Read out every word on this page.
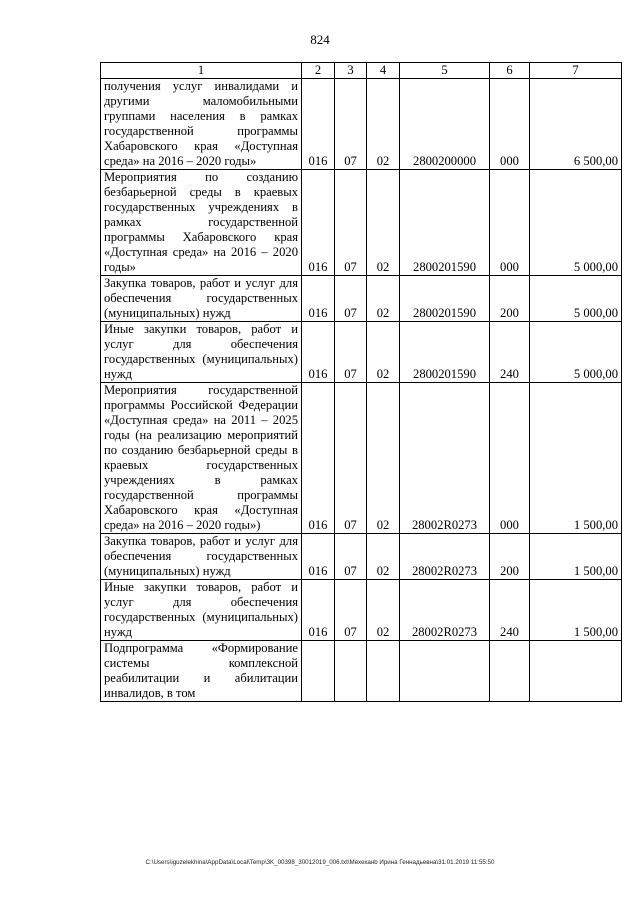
824
1	2	3	4	5	6	7
получения услуг инвалидами и другими маломобильными группами населения в рамках государственной программы Хабаровского края «Доступная среда» на 2016 – 2020 годы»	016	07	02	2800200000	000	6 500,00
Мероприятия по созданию безбарьерной среды в краевых государственных учреждениях в рамках государственной программы Хабаровского края «Доступная среда» на 2016 – 2020 годы»	016	07	02	2800201590	000	5 000,00
Закупка товаров, работ и услуг для обеспечения государственных (муниципальных) нужд	016	07	02	2800201590	200	5 000,00
Иные закупки товаров, работ и услуг для обеспечения государственных (муниципальных) нужд	016	07	02	2800201590	240	5 000,00
Мероприятия государственной программы Российской Федерации «Доступная среда» на 2011 – 2025 годы (на реализацию мероприятий по созданию безбарьерной среды в краевых государственных учреждениях в рамках государственной программы Хабаровского края «Доступная среда» на 2016 – 2020 годы»)	016	07	02	28002R0273	000	1 500,00
Закупка товаров, работ и услуг для обеспечения государственных (муниципальных) нужд	016	07	02	28002R0273	200	1 500,00
Иные закупки товаров, работ и услуг для обеспечения государственных (муниципальных) нужд	016	07	02	28002R0273	240	1 500,00
Подпрограмма «Формирование системы комплексной реабилитации и абилитации инвалидов, в том						
C:\Users\iguzelekhina\AppData\Local\Temp\3K_00398_30012019_006.txt\Мехеханb Ирина Геннадьевна\31.01.2019 11:55:50
